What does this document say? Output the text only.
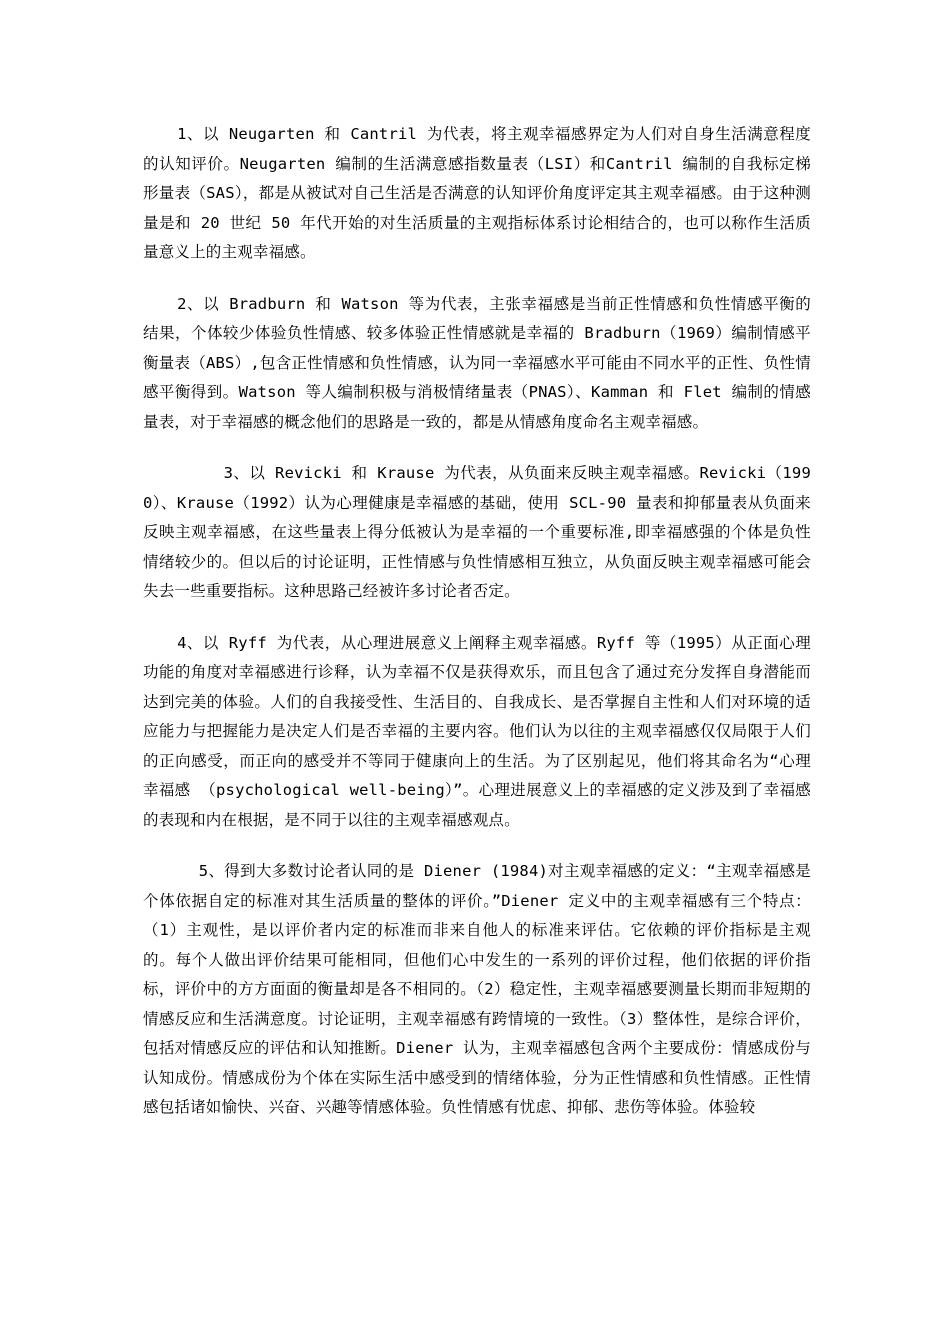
1、以 Neugarten 和 Cantril 为代表，将主观幸福感界定为人们对自身生活满意程度的认知评价。Neugarten 编制的生活满意感指数量表（LSI）和Cantril 编制的自我标定梯形量表（SAS），都是从被试对自己生活是否满意的认知评价角度评定其主观幸福感。由于这种测量是和 20 世纪 50 年代开始的对生活质量的主观指标体系讨论相结合的，也可以称作生活质量意义上的主观幸福感。

2、以 Bradburn 和 Watson 等为代表，主张幸福感是当前正性情感和负性情感平衡的结果，个体较少体验负性情感、较多体验正性情感就是幸福的 Bradburn（1969）编制情感平衡量表（ABS）,包含正性情感和负性情感，认为同一幸福感水平可能由不同水平的正性、负性情感平衡得到。Watson 等人编制积极与消极情绪量表（PNAS）、Kamman 和 Flet 编制的情感量表，对于幸福感的概念他们的思路是一致的，都是从情感角度命名主观幸福感。

3、以 Revicki 和 Krause 为代表，从负面来反映主观幸福感。Revicki（1990）、Krause（1992）认为心理健康是幸福感的基础，使用 SCL-90 量表和抑郁量表从负面来反映主观幸福感，在这些量表上得分低被认为是幸福的一个重要标准,即幸福感强的个体是负性情绪较少的。但以后的讨论证明，正性情感与负性情感相互独立，从负面反映主观幸福感可能会失去一些重要指标。这种思路己经被许多讨论者否定。

4、以 Ryff 为代表，从心理进展意义上阐释主观幸福感。Ryff 等（1995）从正面心理功能的角度对幸福感进行诊释，认为幸福不仅是获得欢乐，而且包含了通过充分发挥自身潜能而达到完美的体验。人们的自我接受性、生活目的、自我成长、是否掌握自主性和人们对环境的适应能力与把握能力是决定人们是否幸福的主要内容。他们认为以往的主观幸福感仅仅局限于人们的正向感受，而正向的感受并不等同于健康向上的生活。为了区别起见，他们将其命名为“心理幸福感 （psychological well-being）”。心理进展意义上的幸福感的定义涉及到了幸福感的表现和内在根据，是不同于以往的主观幸福感观点。

5、得到大多数讨论者认同的是 Diener (1984)对主观幸福感的定义：“主观幸福感是个体依据自定的标准对其生活质量的整体的评价。”Diener 定义中的主观幸福感有三个特点：（1）主观性，是以评价者内定的标准而非来自他人的标准来评估。它依赖的评价指标是主观的。每个人做出评价结果可能相同，但他们心中发生的一系列的评价过程，他们依据的评价指标，评价中的方方面面的衡量却是各不相同的。（2）稳定性，主观幸福感要测量长期而非短期的情感反应和生活满意度。讨论证明，主观幸福感有跨情境的一致性。（3）整体性，是综合评价，包括对情感反应的评估和认知推断。Diener 认为，主观幸福感包含两个主要成份：情感成份与认知成份。情感成份为个体在实际生活中感受到的情绪体验，分为正性情感和负性情感。正性情感包括诸如愉快、兴奋、兴趣等情感体验。负性情感有忧虑、抑郁、悲伤等体验。体验较
